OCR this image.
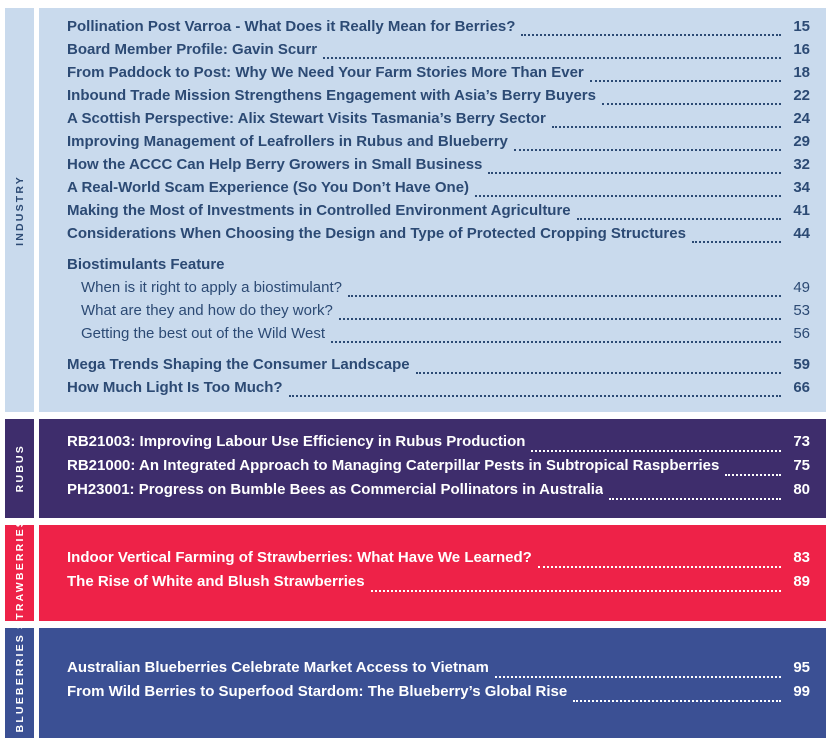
INDUSTRY
Pollination Post Varroa - What Does it Really Mean for Berries?	15
Board Member Profile: Gavin Scurr	16
From Paddock to Post: Why We Need Your Farm Stories More Than Ever	18
Inbound Trade Mission Strengthens Engagement with Asia’s Berry Buyers	22
A Scottish Perspective: Alix Stewart Visits Tasmania’s Berry Sector	24
Improving Management of Leafrollers in Rubus and Blueberry	29
How the ACCC Can Help Berry Growers in Small Business	32
A Real-World Scam Experience (So You Don’t Have One)	34
Making the Most of Investments in Controlled Environment Agriculture	41
Considerations When Choosing the Design and Type of Protected Cropping Structures	44
Biostimulants Feature
When is it right to apply a biostimulant?	49
What are they and how do they work?	53
Getting the best out of the Wild West	56
Mega Trends Shaping the Consumer Landscape	59
How Much Light Is Too Much?	66
RUBUS
RB21003: Improving Labour Use Efficiency in Rubus Production	73
RB21000: An Integrated Approach to Managing Caterpillar Pests in Subtropical Raspberries	75
PH23001: Progress on Bumble Bees as Commercial Pollinators in Australia	80
STRAWBERRIES	Indoor Vertical Farming of Strawberries: What Have We Learned?	83
The Rise of White and Blush Strawberries	89
BLUEBERRIES	Australian Blueberries Celebrate Market Access to Vietnam	95
From Wild Berries to Superfood Stardom: The Blueberry’s Global Rise	99
